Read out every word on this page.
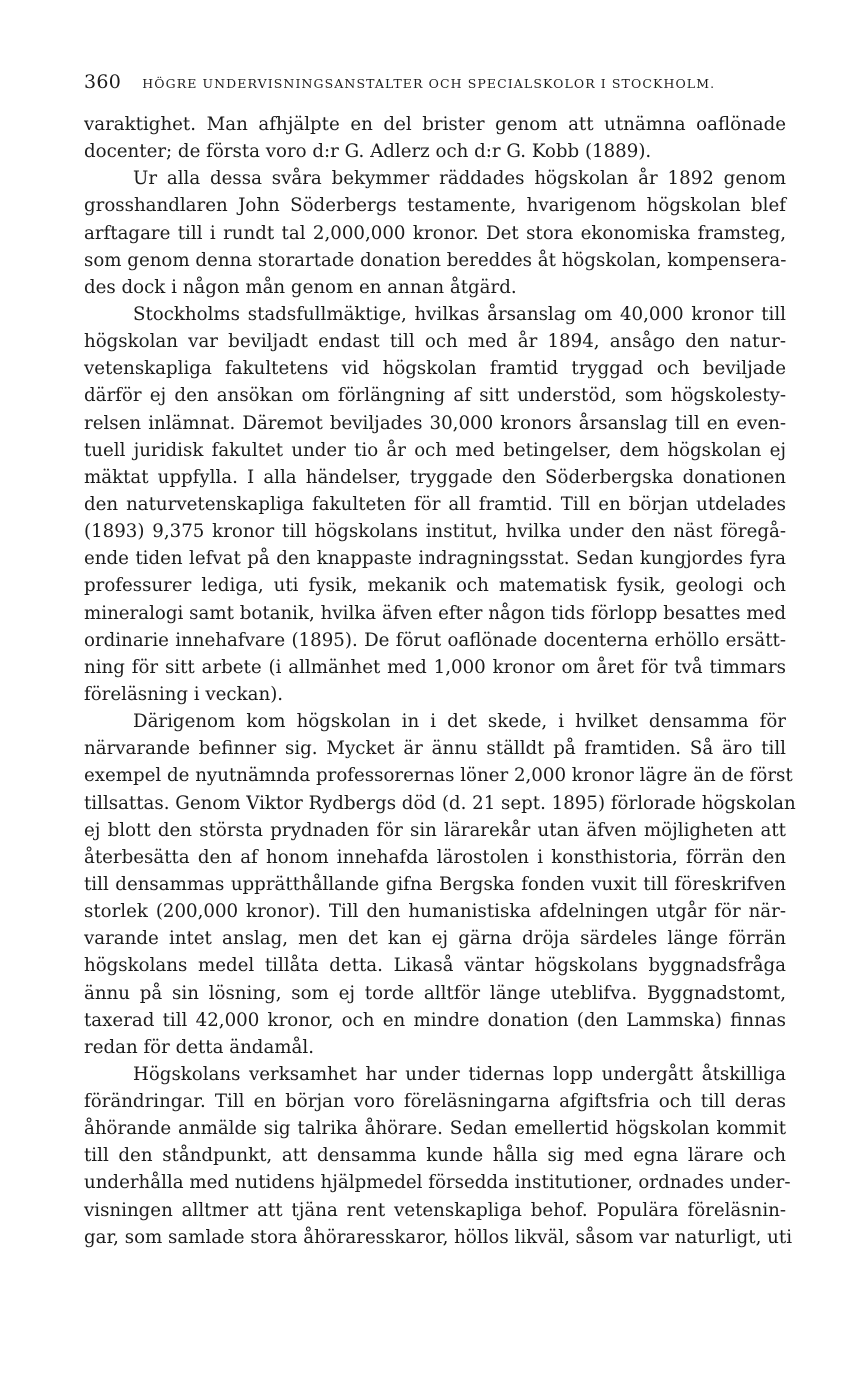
360 HÖGRE UNDERVISNINGSANSTALTER OCH SPECIALSKOLOR I STOCKHOLM.
varaktighet. Man afhjälpte en del brister genom att utnämna oaflönade
docenter; de första voro d:r G. Adlerz och d:r G. Kobb (1889).
Ur alla dessa svåra bekymmer räddades högskolan år 1892 genom
grosshandlaren John Söderbergs testamente, hvarigenom högskolan blef
arftagare till i rundt tal 2,000,000 kronor. Det stora ekonomiska framsteg,
som genom denna storartade donation bereddes åt högskolan, kompensera-
des dock i någon mån genom en annan åtgärd.
Stockholms stadsfullmäktige, hvilkas årsanslag om 40,000 kronor till
högskolan var beviljadt endast till och med år 1894, ansågo den natur-
vetenskapliga fakultetens vid högskolan framtid tryggad och beviljade
därför ej den ansökan om förlängning af sitt understöd, som högskolesty-
relsen inlämnat. Däremot beviljades 30,000 kronors årsanslag till en even-
tuell juridisk fakultet under tio år och med betingelser, dem högskolan ej
mäktat uppfylla. I alla händelser, tryggade den Söderbergska donationen
den naturvetenskapliga fakulteten för all framtid. Till en början utdelades
(1893) 9,375 kronor till högskolans institut, hvilka under den näst föregå-
ende tiden lefvat på den knappaste indragningsstat. Sedan kungjordes fyra
professurer lediga, uti fysik, mekanik och matematisk fysik, geologi och
mineralogi samt botanik, hvilka äfven efter någon tids förlopp besattes med
ordinarie innehafvare (1895). De förut oaflönade docenterna erhöllo ersätt-
ning för sitt arbete (i allmänhet med 1,000 kronor om året för två timmars
föreläsning i veckan).
Därigenom kom högskolan in i det skede, i hvilket densamma för
närvarande befinner sig. Mycket är ännu ställdt på framtiden. Så äro till
exempel de nyutnämnda professorernas löner 2,000 kronor lägre än de först
tillsattas. Genom Viktor Rydbergs död (d. 21 sept. 1895) förlorade högskolan
ej blott den största prydnaden för sin lärarekår utan äfven möjligheten att
återbesätta den af honom innehafda lärostolen i konsthistoria, förrän den
till densammas upprätthållande gifna Bergska fonden vuxit till föreskrifven
storlek (200,000 kronor). Till den humanistiska afdelningen utgår för när-
varande intet anslag, men det kan ej gärna dröja särdeles länge förrän
högskolans medel tillåta detta. Likaså väntar högskolans byggnadsfråga
ännu på sin lösning, som ej torde alltför länge uteblifva. Byggnadstomt,
taxerad till 42,000 kronor, och en mindre donation (den Lammska) finnas
redan för detta ändamål.
Högskolans verksamhet har under tidernas lopp undergått åtskilliga
förändringar. Till en början voro föreläsningarna afgiftsfria och till deras
åhörande anmälde sig talrika åhörare. Sedan emellertid högskolan kommit
till den ståndpunkt, att densamma kunde hålla sig med egna lärare och
underhålla med nutidens hjälpmedel försedda institutioner, ordnades under-
visningen alltmer att tjäna rent vetenskapliga behof. Populära föreläsnin-
gar, som samlade stora åhöraresskaror, höllos likväl, såsom var naturligt, uti
